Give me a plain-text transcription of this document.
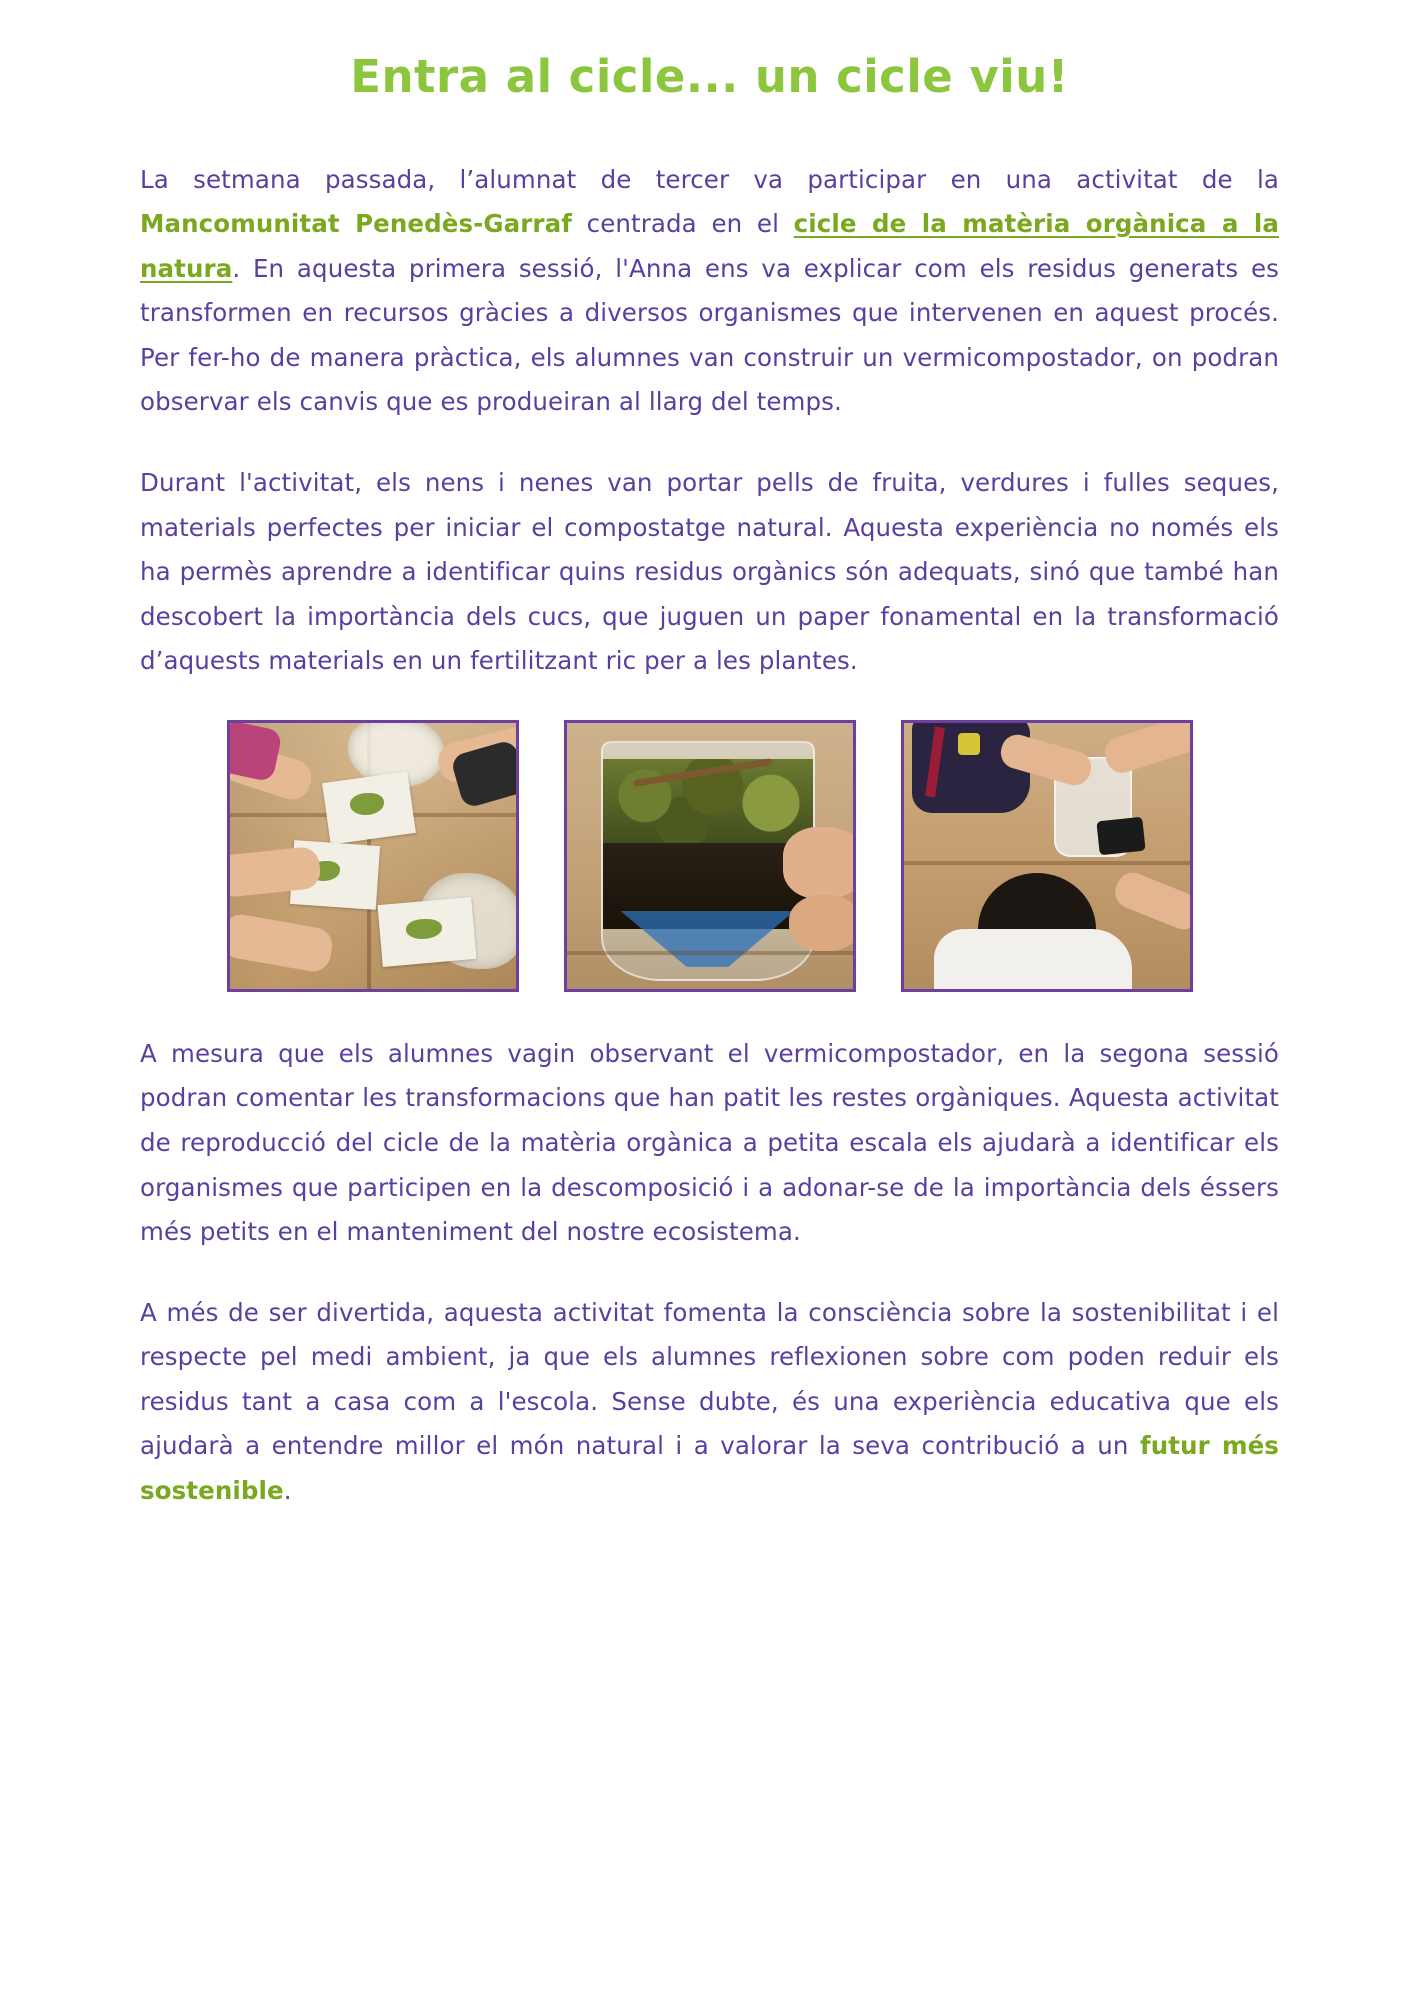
Entra al cicle... un cicle viu!

La setmana passada, l’alumnat de tercer va participar en una activitat de la Mancomunitat Penedès-Garraf centrada en el cicle de la matèria orgànica a la natura. En aquesta primera sessió, l'Anna ens va explicar com els residus generats es transformen en recursos gràcies a diversos organismes que intervenen en aquest procés. Per fer-ho de manera pràctica, els alumnes van construir un vermicompostador, on podran observar els canvis que es produeiran al llarg del temps.

Durant l'activitat, els nens i nenes van portar pells de fruita, verdures i fulles seques, materials perfectes per iniciar el compostatge natural. Aquesta experiència no només els ha permès aprendre a identificar quins residus orgànics són adequats, sinó que també han descobert la importància dels cucs, que juguen un paper fonamental en la transformació d’aquests materials en un fertilitzant ric per a les plantes.

A mesura que els alumnes vagin observant el vermicompostador, en la segona sessió podran comentar les transformacions que han patit les restes orgàniques. Aquesta activitat de reproducció del cicle de la matèria orgànica a petita escala els ajudarà a identificar els organismes que participen en la descomposició i a adonar-se de la importància dels éssers més petits en el manteniment del nostre ecosistema.

A més de ser divertida, aquesta activitat fomenta la consciència sobre la sostenibilitat i el respecte pel medi ambient, ja que els alumnes reflexionen sobre com poden reduir els residus tant a casa com a l'escola. Sense dubte, és una experiència educativa que els ajudarà a entendre millor el món natural i a valorar la seva contribució a un futur més sostenible.
